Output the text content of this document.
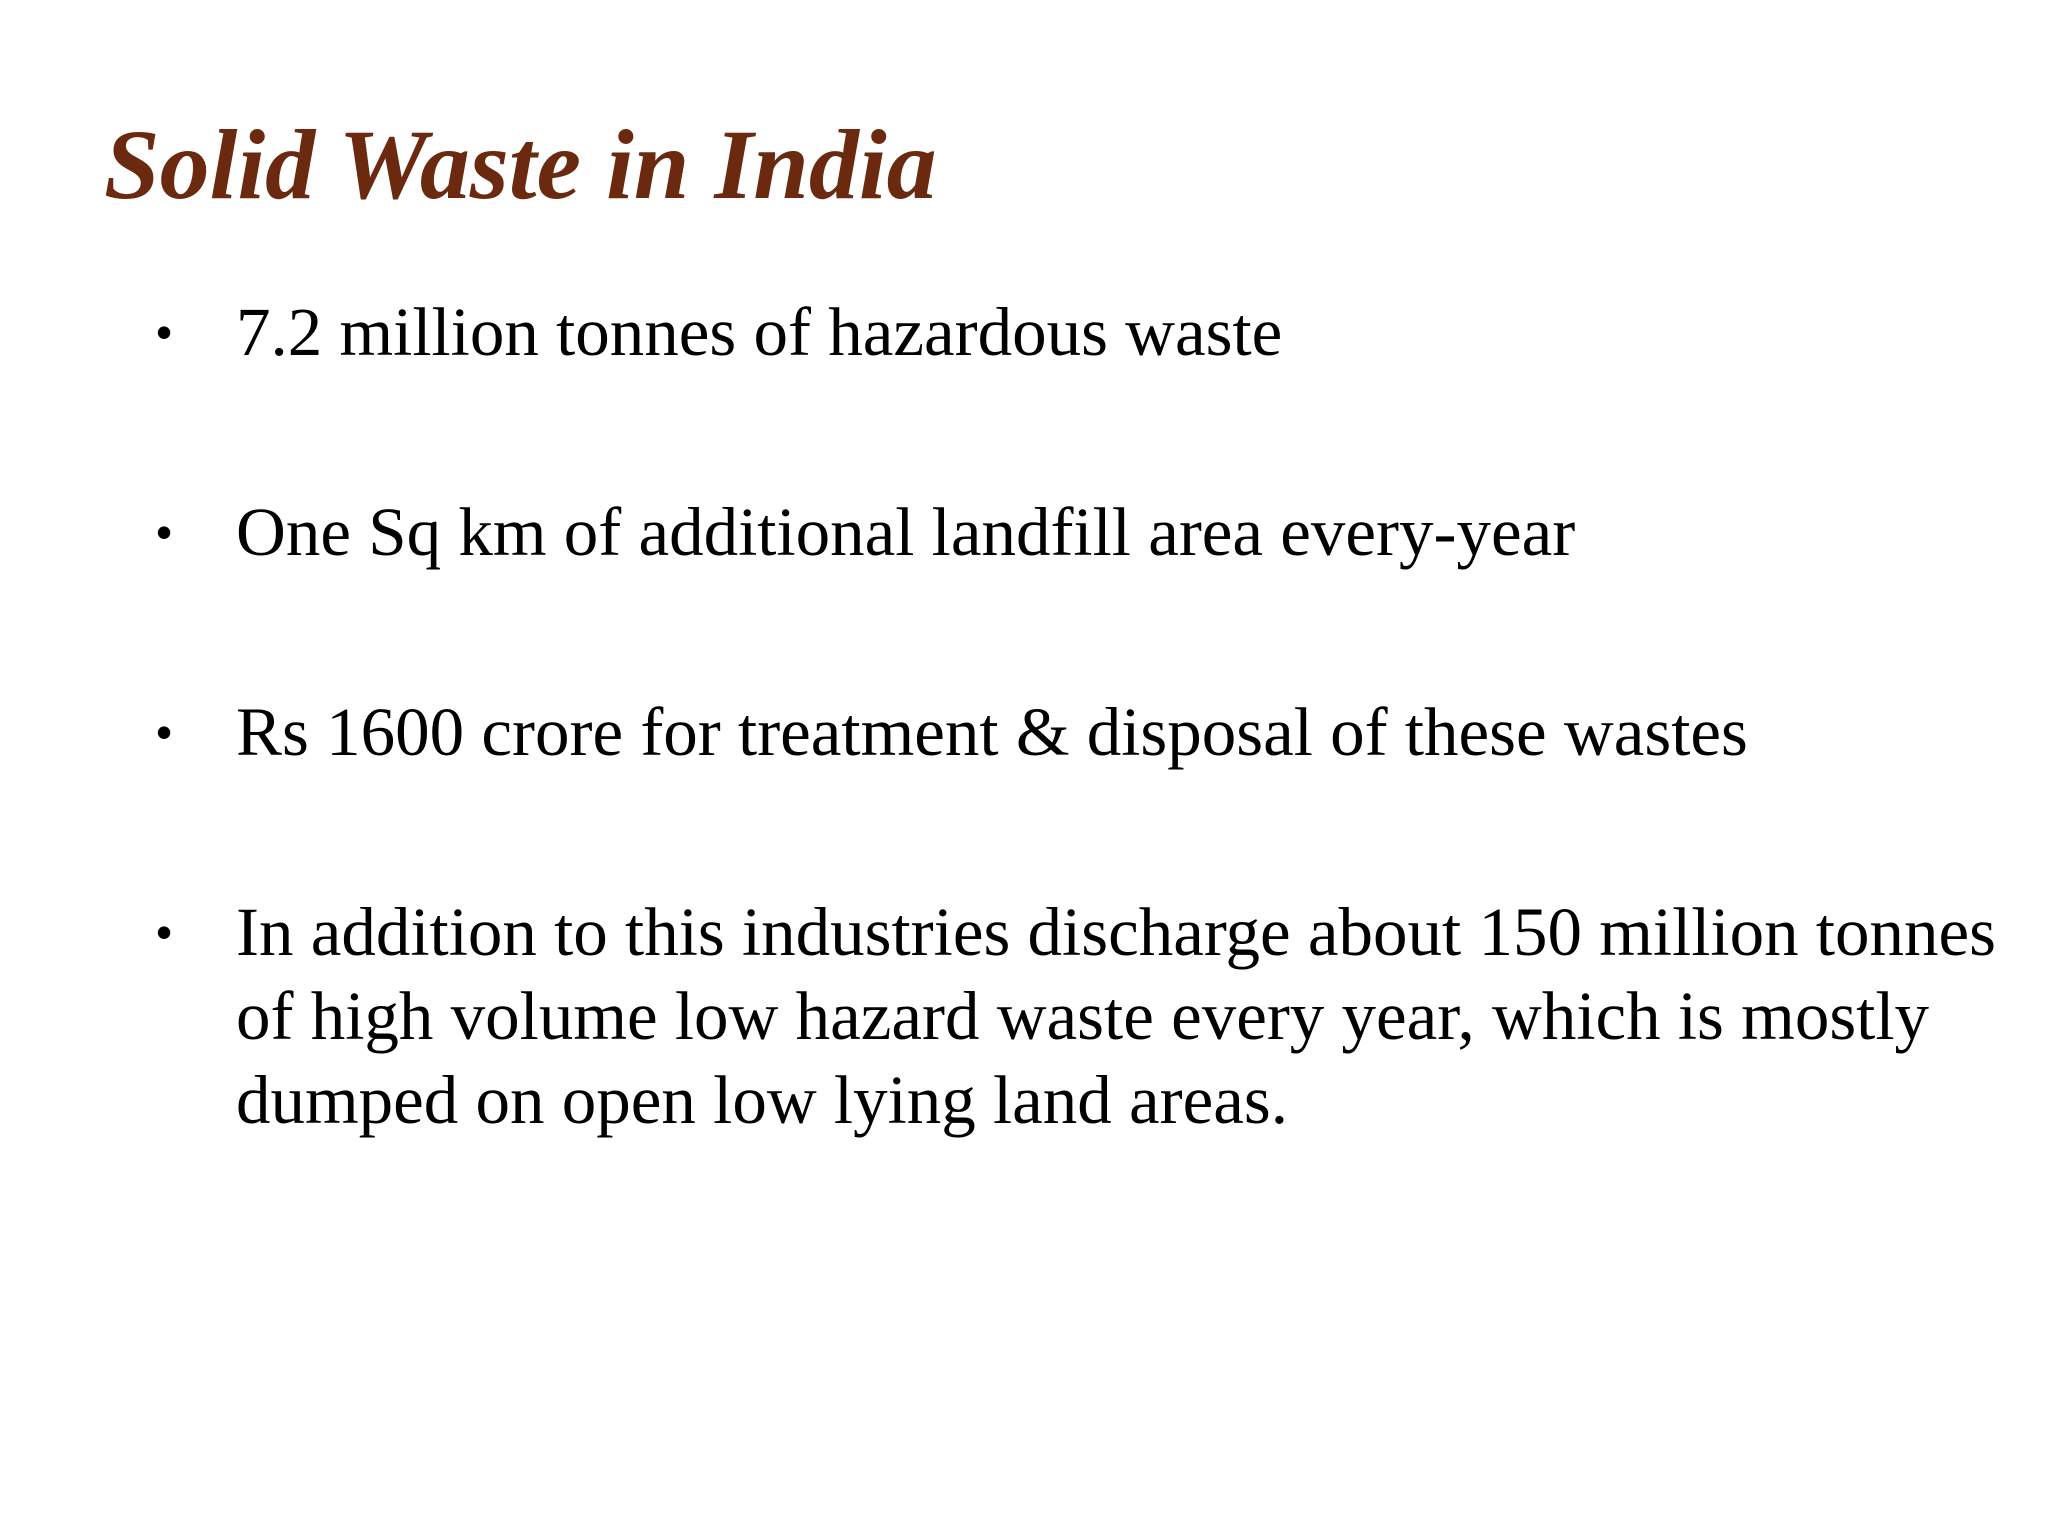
Solid Waste in India
• 7.2 million tonnes of hazardous waste
• One Sq km of additional landfill area every-year
• Rs 1600 crore for treatment & disposal of these wastes
• In addition to this industries discharge about 150 million tonnes of high volume low hazard waste every year, which is mostly dumped on open low lying land areas.
